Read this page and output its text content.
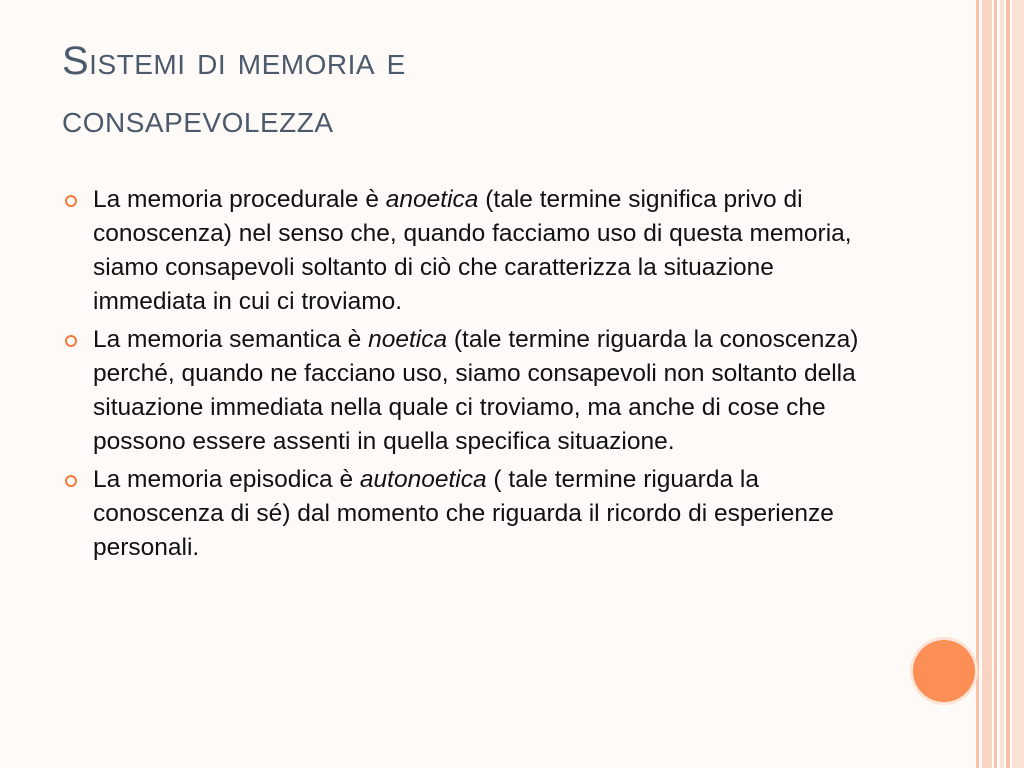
Sistemi di memoria e
consapevolezza
La memoria procedurale è anoetica (tale termine significa privo di conoscenza) nel senso che, quando facciamo uso di questa memoria, siamo consapevoli soltanto di ciò che caratterizza la situazione immediata in cui ci troviamo.
La memoria semantica è noetica (tale termine riguarda la conoscenza) perché, quando ne facciano uso, siamo consapevoli non soltanto della situazione immediata nella quale ci troviamo, ma anche di cose che possono essere assenti in quella specifica situazione.
La memoria episodica è autonoetica ( tale termine riguarda la conoscenza di sé) dal momento che riguarda il ricordo di esperienze personali.
